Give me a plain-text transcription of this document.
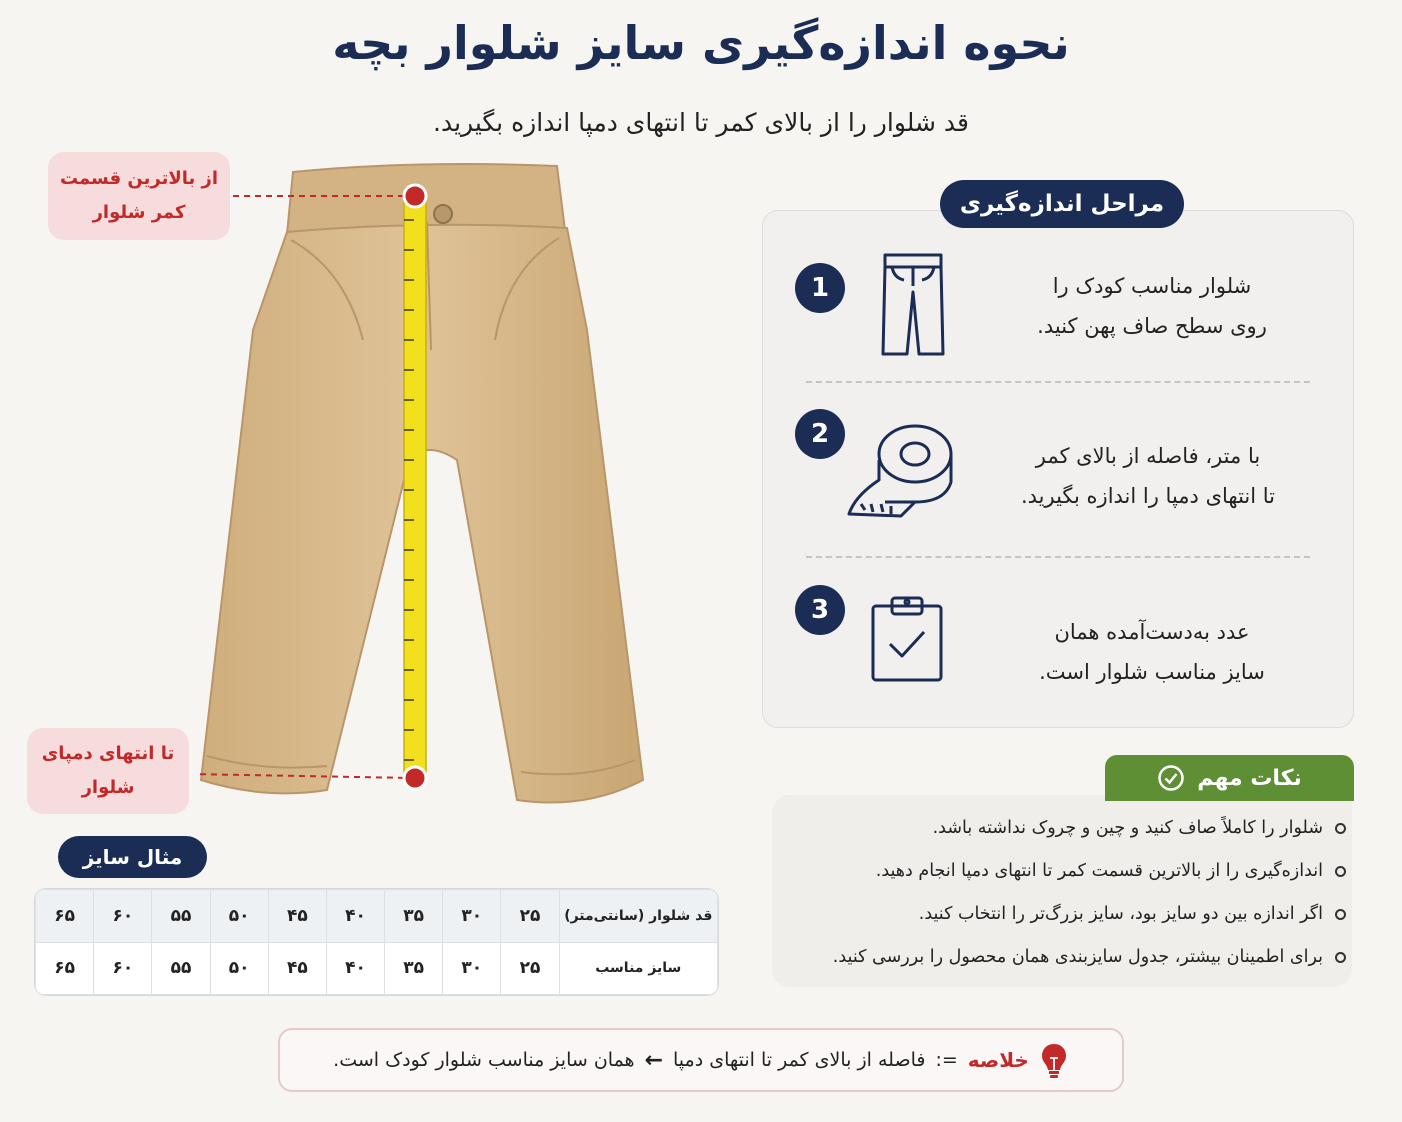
نحوه اندازه‌گیری سایز شلوار بچه
قد شلوار را از بالای کمر تا انتهای دمپا اندازه بگیرید.
از بالاترین قسمت
کمر شلوار
تا انتهای دمپای
شلوار
مراحل اندازه‌گیری
1	شلوار مناسب کودک را
روی سطح صاف پهن کنید.
2
با متر، فاصله از بالای کمر
تا انتهای دمپا را اندازه بگیرید.
3
عدد به‌دست‌آمده همان
سایز مناسب شلوار است.
نکات مهم
شلوار را کاملاً صاف کنید و چین و چروک نداشته باشد.
اندازه‌گیری را از بالاترین قسمت کمر تا انتهای دمپا انجام دهید.
اگر اندازه بین دو سایز بود، سایز بزرگ‌تر را انتخاب کنید.
برای اطمینان بیشتر، جدول سایزبندی همان محصول را بررسی کنید.
مثال سایز
قد شلوار (سانتی‌متر)	۲۵	۳۰	۳۵	۴۰	۴۵	۵۰	۵۵	۶۰	۶۵
سایز مناسب	۲۵	۳۰	۳۵	۴۰	۴۵	۵۰	۵۵	۶۰	۶۵
خلاصه
=:
فاصله از بالای کمر تا انتهای دمپا
←
همان سایز مناسب شلوار کودک است.
